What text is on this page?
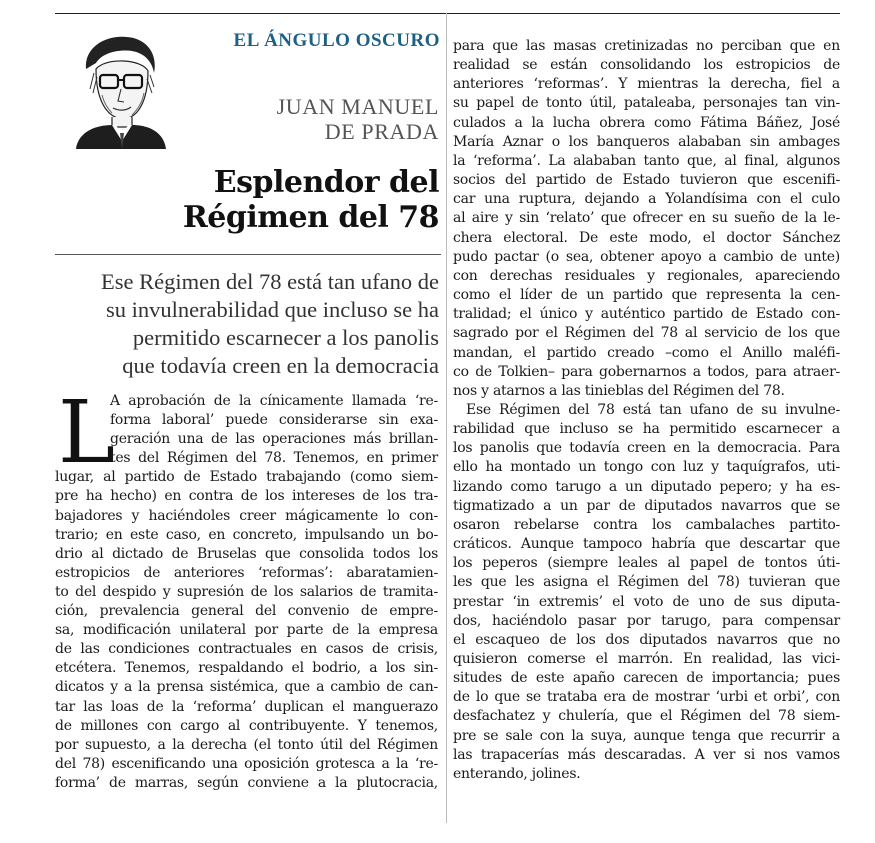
EL ÁNGULO OSCURO
JUAN MANUEL
DE PRADA
Esplendor del
Régimen del 78
Ese Régimen del 78 está tan ufano de
su invulnerabilidad que incluso se ha
permitido escarnecer a los panolis
que todavía creen en la democracia
L
A aprobación de la cínicamente llamada ‘re-
forma laboral’ puede considerarse sin exa-
geración una de las operaciones más brillan-
tes del Régimen del 78. Tenemos, en primer
lugar, al partido de Estado trabajando (como siem-
pre ha hecho) en contra de los intereses de los tra-
bajadores y haciéndoles creer mágicamente lo con-
trario; en este caso, en concreto, impulsando un bo-
drio al dictado de Bruselas que consolida todos los
estropicios de anteriores ‘reformas’: abaratamien-
to del despido y supresión de los salarios de tramita-
ción, prevalencia general del convenio de empre-
sa, modificación unilateral por parte de la empresa
de las condiciones contractuales en casos de crisis,
etcétera. Tenemos, respaldando el bodrio, a los sin-
dicatos y a la prensa sistémica, que a cambio de can-
tar las loas de la ‘reforma’ duplican el manguerazo
de millones con cargo al contribuyente. Y tenemos,
por supuesto, a la derecha (el tonto útil del Régimen
del 78) escenificando una oposición grotesca a la ‘re-
forma’ de marras, según conviene a la plutocracia,
para que las masas cretinizadas no perciban que en
realidad se están consolidando los estropicios de
anteriores ‘reformas’. Y mientras la derecha, fiel a
su papel de tonto útil, pataleaba, personajes tan vin-
culados a la lucha obrera como Fátima Báñez, José
María Aznar o los banqueros alababan sin ambages
la ‘reforma’. La alababan tanto que, al final, algunos
socios del partido de Estado tuvieron que escenifi-
car una ruptura, dejando a Yolandísima con el culo
al aire y sin ‘relato’ que ofrecer en su sueño de la le-
chera electoral. De este modo, el doctor Sánchez
pudo pactar (o sea, obtener apoyo a cambio de unte)
con derechas residuales y regionales, apareciendo
como el líder de un partido que representa la cen-
tralidad; el único y auténtico partido de Estado con-
sagrado por el Régimen del 78 al servicio de los que
mandan, el partido creado –como el Anillo maléfi-
co de Tolkien– para gobernarnos a todos, para atraer-
nos y atarnos a las tinieblas del Régimen del 78.
Ese Régimen del 78 está tan ufano de su invulne-
rabilidad que incluso se ha permitido escarnecer a
los panolis que todavía creen en la democracia. Para
ello ha montado un tongo con luz y taquígrafos, uti-
lizando como tarugo a un diputado pepero; y ha es-
tigmatizado a un par de diputados navarros que se
osaron rebelarse contra los cambalaches partito-
cráticos. Aunque tampoco habría que descartar que
los peperos (siempre leales al papel de tontos úti-
les que les asigna el Régimen del 78) tuvieran que
prestar ‘in extremis’ el voto de uno de sus diputa-
dos, haciéndolo pasar por tarugo, para compensar
el escaqueo de los dos diputados navarros que no
quisieron comerse el marrón. En realidad, las vici-
situdes de este apaño carecen de importancia; pues
de lo que se trataba era de mostrar ‘urbi et orbi’, con
desfachatez y chulería, que el Régimen del 78 siem-
pre se sale con la suya, aunque tenga que recurrir a
las trapacerías más descaradas. A ver si nos vamos
enterando, jolines.
